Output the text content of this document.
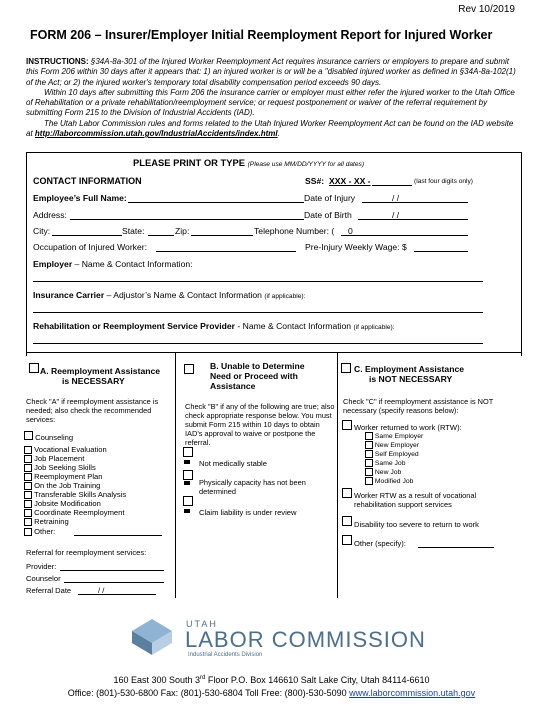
Rev 10/2019
FORM 206 – Insurer/Employer Initial Reemployment Report for Injured Worker

INSTRUCTIONS: §34A-8a-301 of the Injured Worker Reemployment Act requires insurance carriers or employers to prepare and submit this Form 206 within 30 days after it appears that: 1) an injured worker is or will be a "disabled injured worker as defined in §34A-8a-102(1) of the Act; or 2) the injured worker's temporary total disability compensation period exceeds 90 days.

Within 10 days after submitting this Form 206 the insurance carrier or employer must either refer the injured worker to the Utah Office of Rehabilitation or a private rehabilitation/reemployment service; or request postponement or waiver of the referral requirement by submitting Form 215 to the Division of Industrial Accidents (IAD).

The Utah Labor Commission rules and forms related to the Utah Injured Worker Reemployment Act can be found on the IAD website at http://laborcommission.utah.gov/IndustrialAccidents/index.html.

PLEASE PRINT OR TYPE (Please use MM/DD/YYYY for all dates)
CONTACT INFORMATION	SS#: XXX - XX -	(last four digits only)
Employee’s Full Name:	Date of Injury	/ /
Address:	Date of Birth	/ /
City:	State:	Zip:	Telephone Number: ( 0
Occupation of Injured Worker:	Pre-Injury Weekly Wage: $
Employer – Name & Contact Information:
Insurance Carrier – Adjustor’s Name & Contact Information (if applicable):
Rehabilitation or Reemployment Service Provider - Name & Contact Information (if applicable):
A. Reemployment Assistance
is NECESSARY
Check "A" if reemployment assistance is needed; also check the recommended services:
Counseling
Vocational Evaluation
Job Placement
Job Seeking Skills
Reemployment Plan
On the Job Training
Transferable Skills Analysis
Jobsite Modification
Coordinate Reemployment
Retraining
Other:
Referral for reemployment services:
Provider:
Counselor
Referral Date	/ /
B. Unable to Determine
Need or Proceed with
Assistance
Check "B" if any of the following are true; also check appropriate response below. You must submit Form 215 within 10 days to obtain IAD's approval to waive or postpone the referral.
Not medically stable
Physically capacity has not been determined
Claim liability is under review
C. Employment Assistance
is NOT NECESSARY
Check "C" if reemployment assistance is NOT necessary (specify reasons below):
Worker returned to work (RTW):
Same Employer
New Employer
Self Employed
Same Job
New Job
Modified Job
Worker RTW as a result of vocational rehabilitation support services
Disability too severe to return to work
Other (specify):
UTAH
LABOR COMMISSION
Industrial Accidents Division
160 East 300 South 3rd Floor P.O. Box 146610 Salt Lake City, Utah 84114-6610
Office: (801)-530-6800 Fax: (801)-530-6804 Toll Free: (800)-530-5090 www.laborcommission.utah.gov
